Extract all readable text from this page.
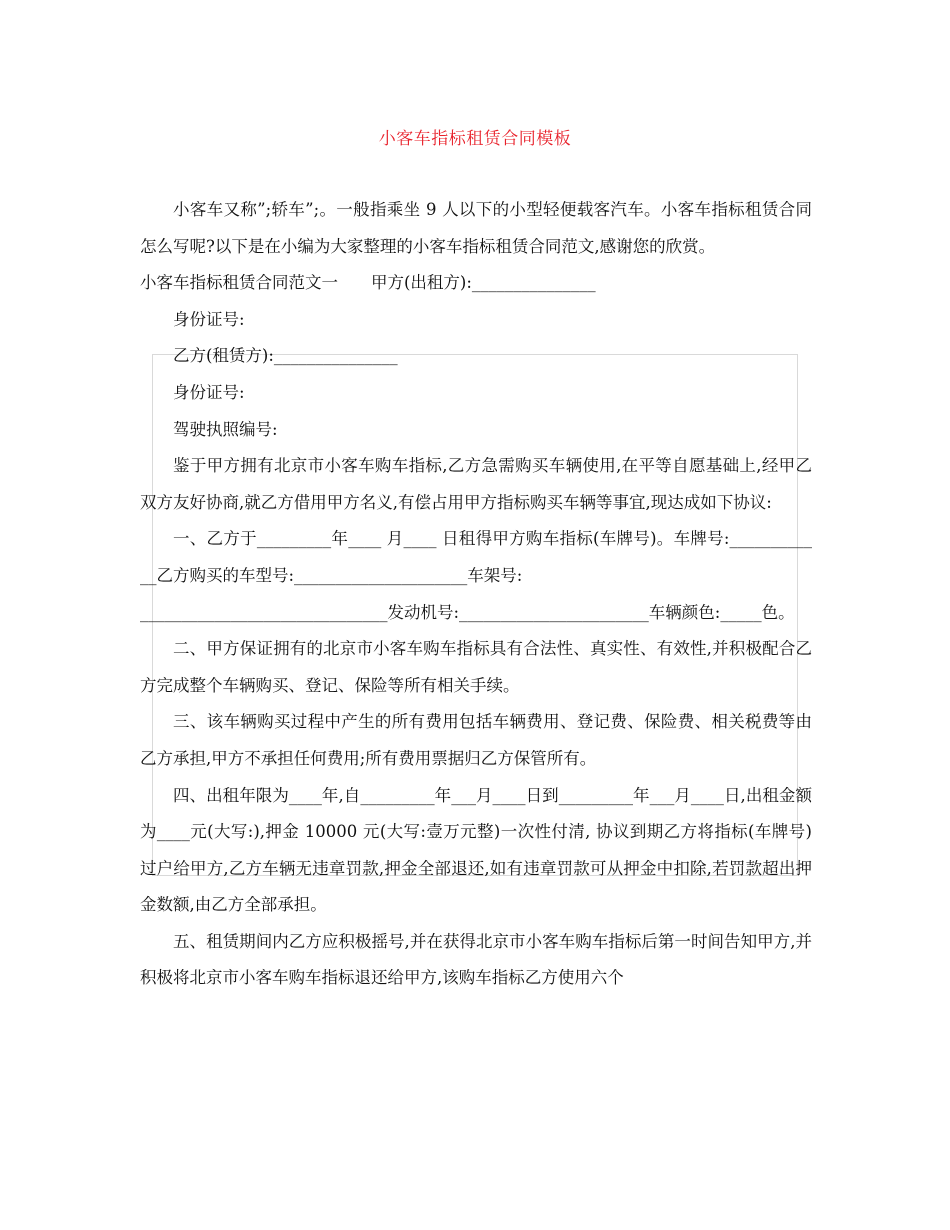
小客车指标租赁合同模板

小客车又称”;轿车”;。一般指乘坐 9 人以下的小型轻便载客汽车。小客车指标租赁合同怎么写呢?以下是在小编为大家整理的小客车指标租赁合同范文,感谢您的欣赏。

小客车指标租赁合同范文一 甲方(出租方):_______________

身份证号:

乙方(租赁方):_______________

身份证号:

驾驶执照编号:

鉴于甲方拥有北京市小客车购车指标,乙方急需购买车辆使用,在平等自愿基础上,经甲乙双方友好协商,就乙方借用甲方名义,有偿占用甲方指标购买车辆等事宜,现达成如下协议:

一、乙方于_________年____ 月____ 日租得甲方购车指标(车牌号)。车牌号:____________乙方购买的车型号:_____________________车架号:

______________________________发动机号:_______________________车辆颜色:_____色。

二、甲方保证拥有的北京市小客车购车指标具有合法性、真实性、有效性,并积极配合乙方完成整个车辆购买、登记、保险等所有相关手续。

三、该车辆购买过程中产生的所有费用包括车辆费用、登记费、保险费、相关税费等由乙方承担,甲方不承担任何费用;所有费用票据归乙方保管所有。

四、出租年限为____年,自_________年___月____日到_________年___月____日,出租金额为____元(大写:),押金 10000 元(大写:壹万元整)一次性付清, 协议到期乙方将指标(车牌号)过户给甲方,乙方车辆无违章罚款,押金全部退还,如有违章罚款可从押金中扣除,若罚款超出押金数额,由乙方全部承担。

五、租赁期间内乙方应积极摇号,并在获得北京市小客车购车指标后第一时间告知甲方,并积极将北京市小客车购车指标退还给甲方,该购车指标乙方使用六个
